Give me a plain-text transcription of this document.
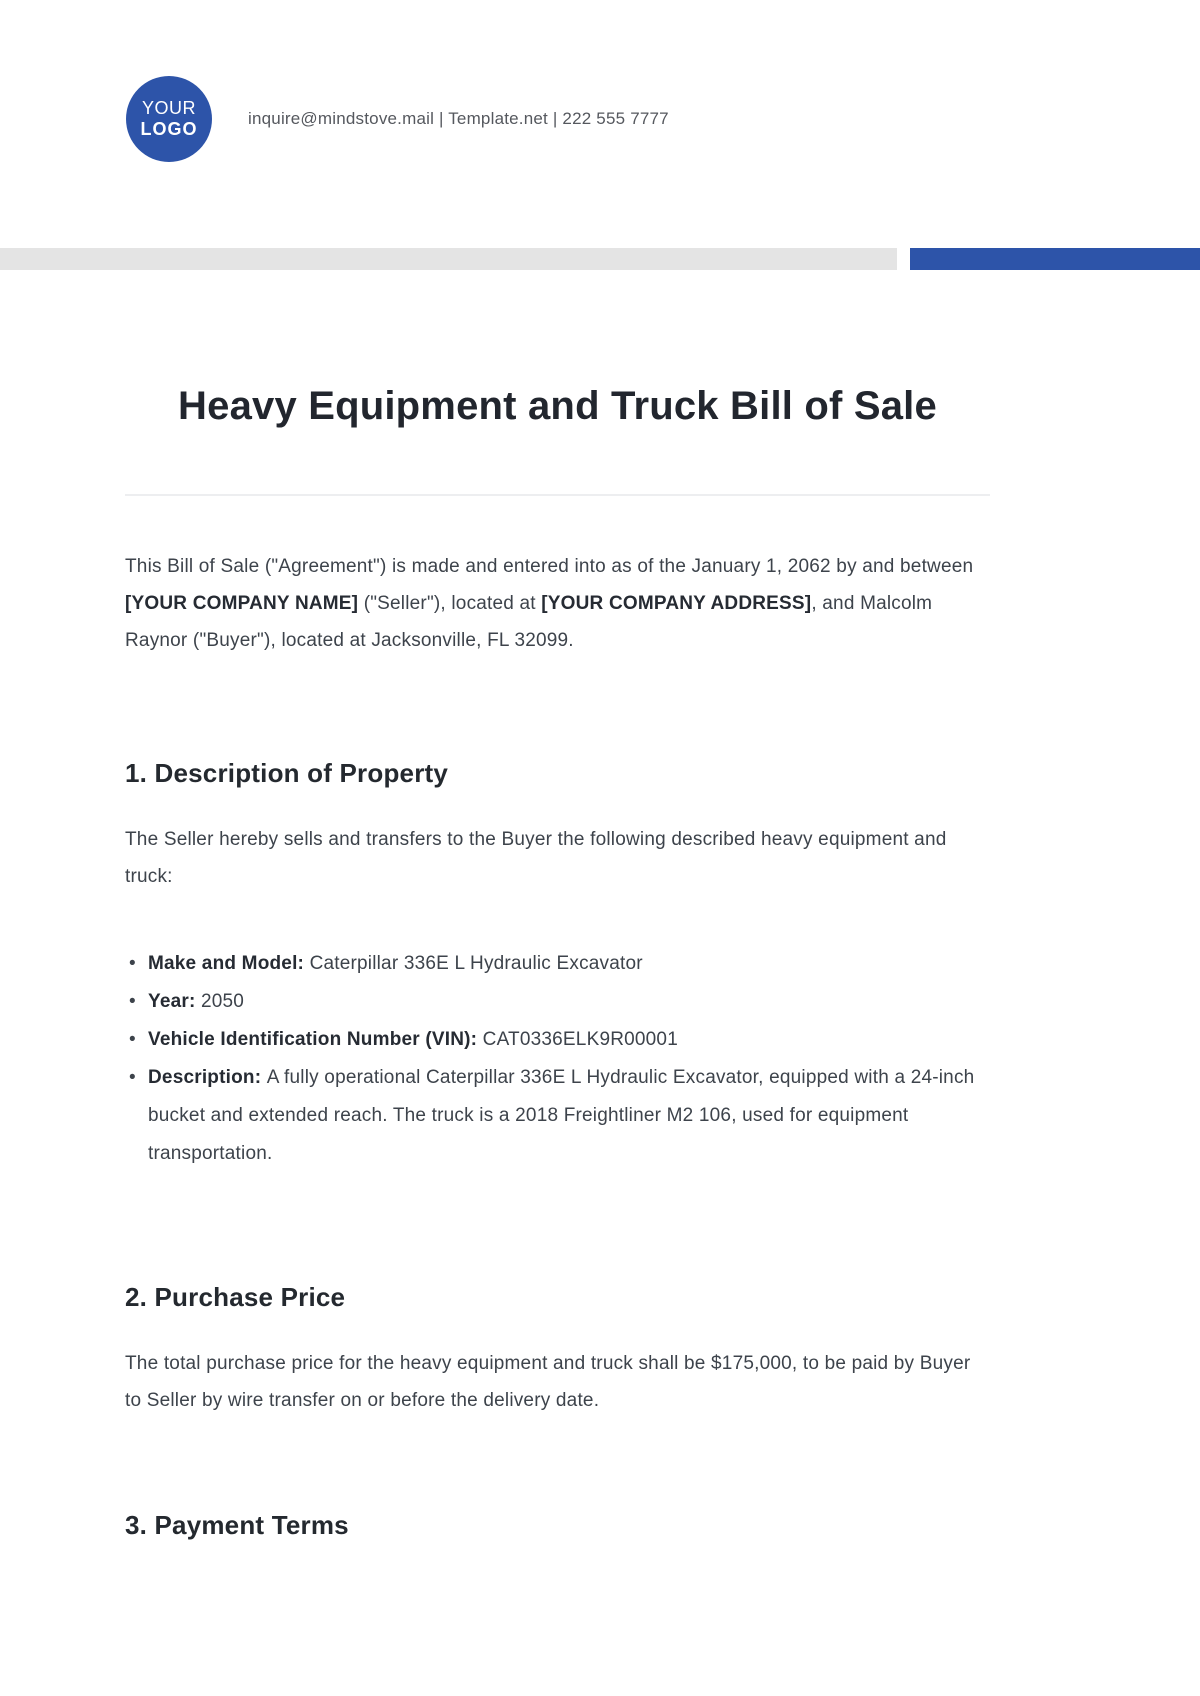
YOUR
LOGO
inquire@mindstove.mail | Template.net | 222 555 7777
Heavy Equipment and Truck Bill of Sale

This Bill of Sale ("Agreement") is made and entered into as of the January 1, 2062 by and between [YOUR COMPANY NAME] ("Seller"), located at [YOUR COMPANY ADDRESS], and Malcolm Raynor ("Buyer"), located at Jacksonville, FL 32099.

1. Description of Property

The Seller hereby sells and transfers to the Buyer the following described heavy equipment and truck:

• Make and Model: Caterpillar 336E L Hydraulic Excavator
• Year: 2050
• Vehicle Identification Number (VIN): CAT0336ELK9R00001
• Description: A fully operational Caterpillar 336E L Hydraulic Excavator, equipped with a 24-inch bucket and extended reach. The truck is a 2018 Freightliner M2 106, used for equipment transportation.
2. Purchase Price

The total purchase price for the heavy equipment and truck shall be $175,000, to be paid by Buyer to Seller by wire transfer on or before the delivery date.

3. Payment Terms
